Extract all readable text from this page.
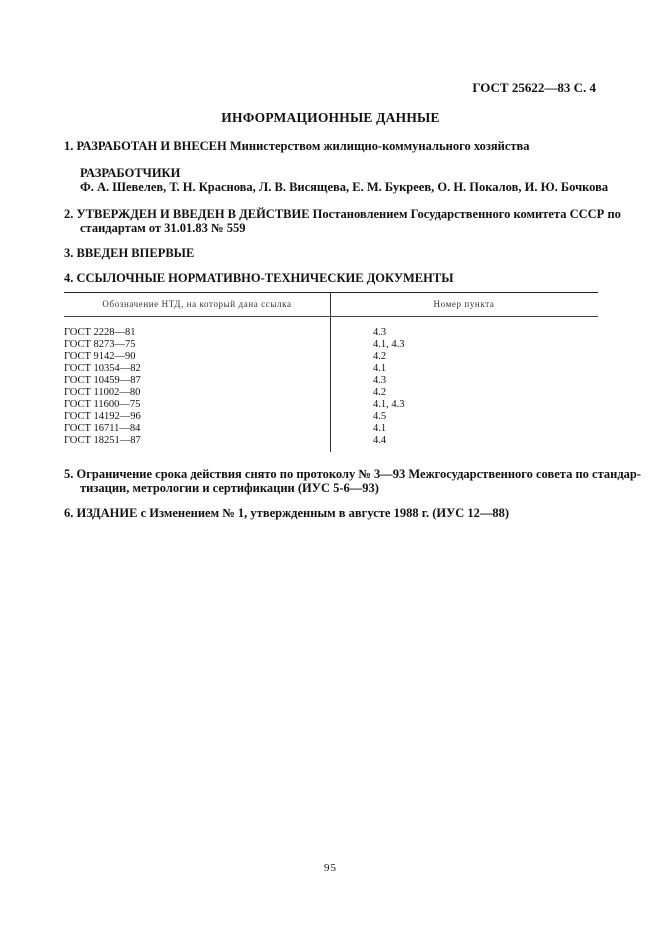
ГОСТ 25622—83 С. 4
ИНФОРМАЦИОННЫЕ ДАННЫЕ
1. РАЗРАБОТАН И ВНЕСЕН Министерством жилищно-коммунального хозяйства
РАЗРАБОТЧИКИ
Ф. А. Шевелев, Т. Н. Краснова, Л. В. Висящева, Е. М. Букреев, О. Н. Покалов, И. Ю. Бочкова
2. УТВЕРЖДЕН И ВВЕДЕН В ДЕЙСТВИЕ Постановлением Государственного комитета СССР по
стандартам от 31.01.83 № 559
3. ВВЕДЕН ВПЕРВЫЕ
4. ССЫЛОЧНЫЕ НОРМАТИВНО-ТЕХНИЧЕСКИЕ ДОКУМЕНТЫ
Обозначение НТД, на который дана ссылка	Номер пункта
ГОСТ 2228—81	4.3
ГОСТ 8273—75	4.1, 4.3
ГОСТ 9142—90	4.2
ГОСТ 10354—82	4.1
ГОСТ 10459—87	4.3
ГОСТ 11002—80	4.2
ГОСТ 11600—75	4.1, 4.3
ГОСТ 14192—96	4.5
ГОСТ 16711—84	4.1
ГОСТ 18251—87	4.4
5. Ограничение срока действия снято по протоколу № 3—93 Межгосударственного совета по стандар-
тизации, метрологии и сертификации (ИУС 5-6—93)
6. ИЗДАНИЕ с Изменением № 1, утвержденным в августе 1988 г. (ИУС 12—88)
95
